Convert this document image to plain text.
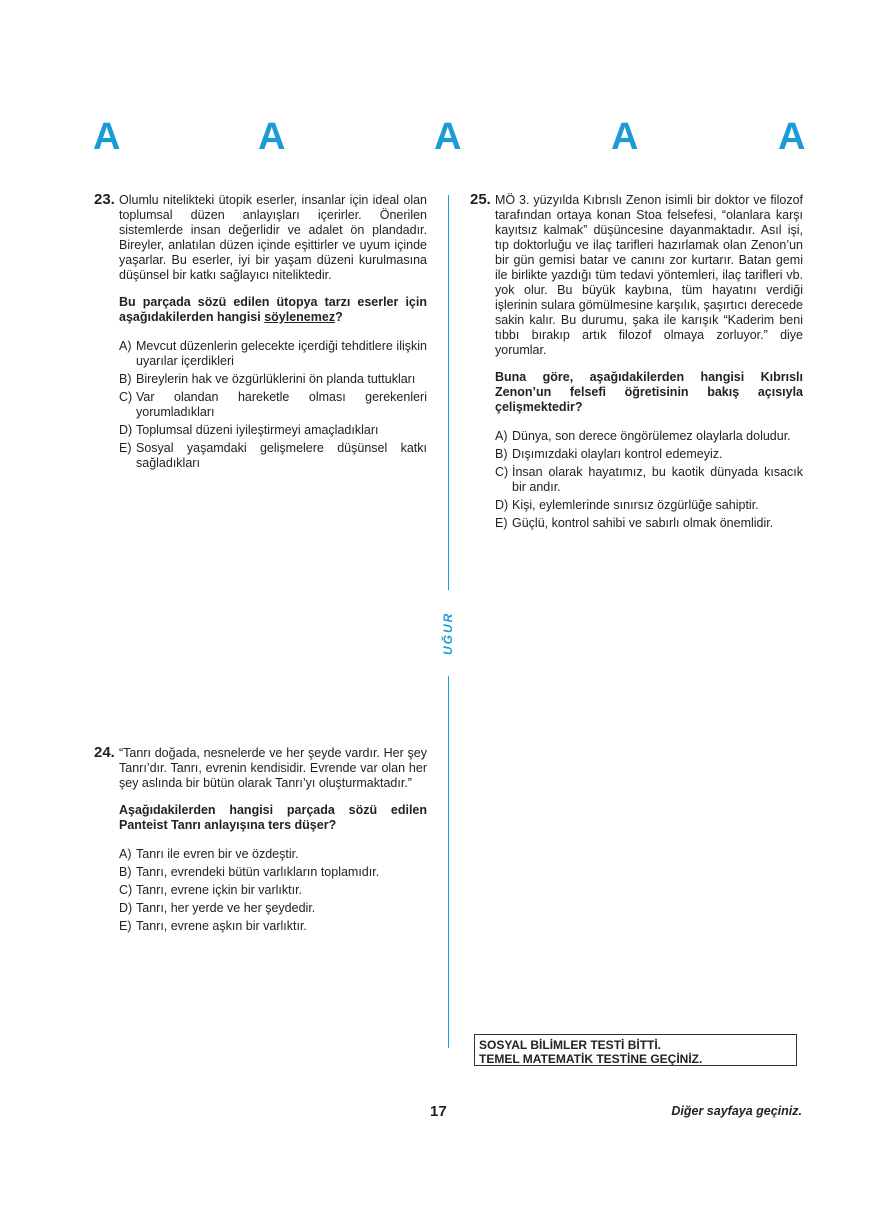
A	A	A	A	A
23. Olumlu nitelikteki ütopik eserler, insanlar için ideal olan toplumsal düzen anlayışları içerirler. Önerilen sistemlerde insan değerlidir ve adalet ön plandadır. Bireyler, anlatılan düzen içinde eşittirler ve uyum içinde yaşarlar. Bu eserler, iyi bir yaşam düzeni kurulmasına düşünsel bir katkı sağlayıcı niteliktedir.
Bu parçada sözü edilen ütopya tarzı eserler için aşağıdakilerden hangisi söylenemez?
A) Mevcut düzenlerin gelecekte içerdiği tehditlere ilişkin uyarılar içerdikleri
B) Bireylerin hak ve özgürlüklerini ön planda tuttukları
C) Var olandan hareketle olması gerekenleri yorumladıkları
D) Toplumsal düzeni iyileştirmeyi amaçladıkları
E) Sosyal yaşamdaki gelişmelere düşünsel katkı sağladıkları
24. “Tanrı doğada, nesnelerde ve her şeyde vardır. Her şey Tanrı’dır. Tanrı, evrenin kendisidir. Evrende var olan her şey aslında bir bütün olarak Tanrı’yı oluşturmaktadır.”
Aşağıdakilerden hangisi parçada sözü edilen Panteist Tanrı anlayışına ters düşer?
A) Tanrı ile evren bir ve özdeştir.
B) Tanrı, evrendeki bütün varlıkların toplamıdır.
C) Tanrı, evrene içkin bir varlıktır.
D) Tanrı, her yerde ve her şeydedir.
E) Tanrı, evrene aşkın bir varlıktır.
25. MÖ 3. yüzyılda Kıbrıslı Zenon isimli bir doktor ve filozof tarafından ortaya konan Stoa felsefesi, “olanlara karşı kayıtsız kalmak” düşüncesine dayanmaktadır. Asıl işi, tıp doktorluğu ve ilaç tarifleri hazırlamak olan Zenon’un bir gün gemisi batar ve canını zor kurtarır. Batan gemi ile birlikte yazdığı tüm tedavi yöntemleri, ilaç tarifleri vb. yok olur. Bu büyük kaybına, tüm hayatını verdiği işlerinin sulara gömülmesine karşılık, şaşırtıcı derecede sakin kalır. Bu durumu, şaka ile karışık “Kaderim beni tıbbı bırakıp artık filozof olmaya zorluyor.” diye yorumlar.
Buna göre, aşağıdakilerden hangisi Kıbrıslı Zenon’un felsefi öğretisinin bakış açısıyla çelişmektedir?
A) Dünya, son derece öngörülemez olaylarla doludur.
B) Dışımızdaki olayları kontrol edemeyiz.
C) İnsan olarak hayatımız, bu kaotik dünyada kısacık bir andır.
D) Kişi, eylemlerinde sınırsız özgürlüğe sahiptir.
E) Güçlü, kontrol sahibi ve sabırlı olmak önemlidir.
UĞUR
SOSYAL BİLİMLER TESTİ BİTTİ.
TEMEL MATEMATİK TESTİNE GEÇİNİZ.
17	Diğer sayfaya geçiniz.
